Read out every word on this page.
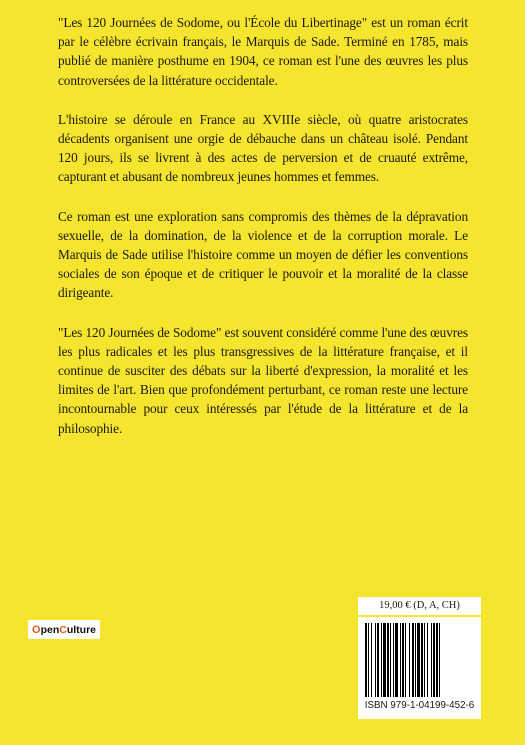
"Les 120 Journées de Sodome, ou l'École du Libertinage" est un roman écrit par le célèbre écrivain français, le Marquis de Sade. Terminé en 1785, mais publié de manière posthume en 1904, ce roman est l'une des œuvres les plus controversées de la littérature occidentale.

L'histoire se déroule en France au XVIIIe siècle, où quatre aristocrates décadents organisent une orgie de débauche dans un château isolé. Pendant 120 jours, ils se livrent à des actes de perversion et de cruauté extrême, capturant et abusant de nombreux jeunes hommes et femmes.

Ce roman est une exploration sans compromis des thèmes de la dépravation sexuelle, de la domination, de la violence et de la corruption morale. Le Marquis de Sade utilise l'histoire comme un moyen de défier les conventions sociales de son époque et de critiquer le pouvoir et la moralité de la classe dirigeante.

"Les 120 Journées de Sodome" est souvent considéré comme l'une des œuvres les plus radicales et les plus transgressives de la littérature française, et il continue de susciter des débats sur la liberté d'expression, la moralité et les limites de l'art. Bien que profondément perturbant, ce roman reste une lecture incontournable pour ceux intéressés par l'étude de la littérature et de la philosophie.

O pen C ulture
19,00 € (D, A, CH)
ISBN 979-1-04199-452-6
